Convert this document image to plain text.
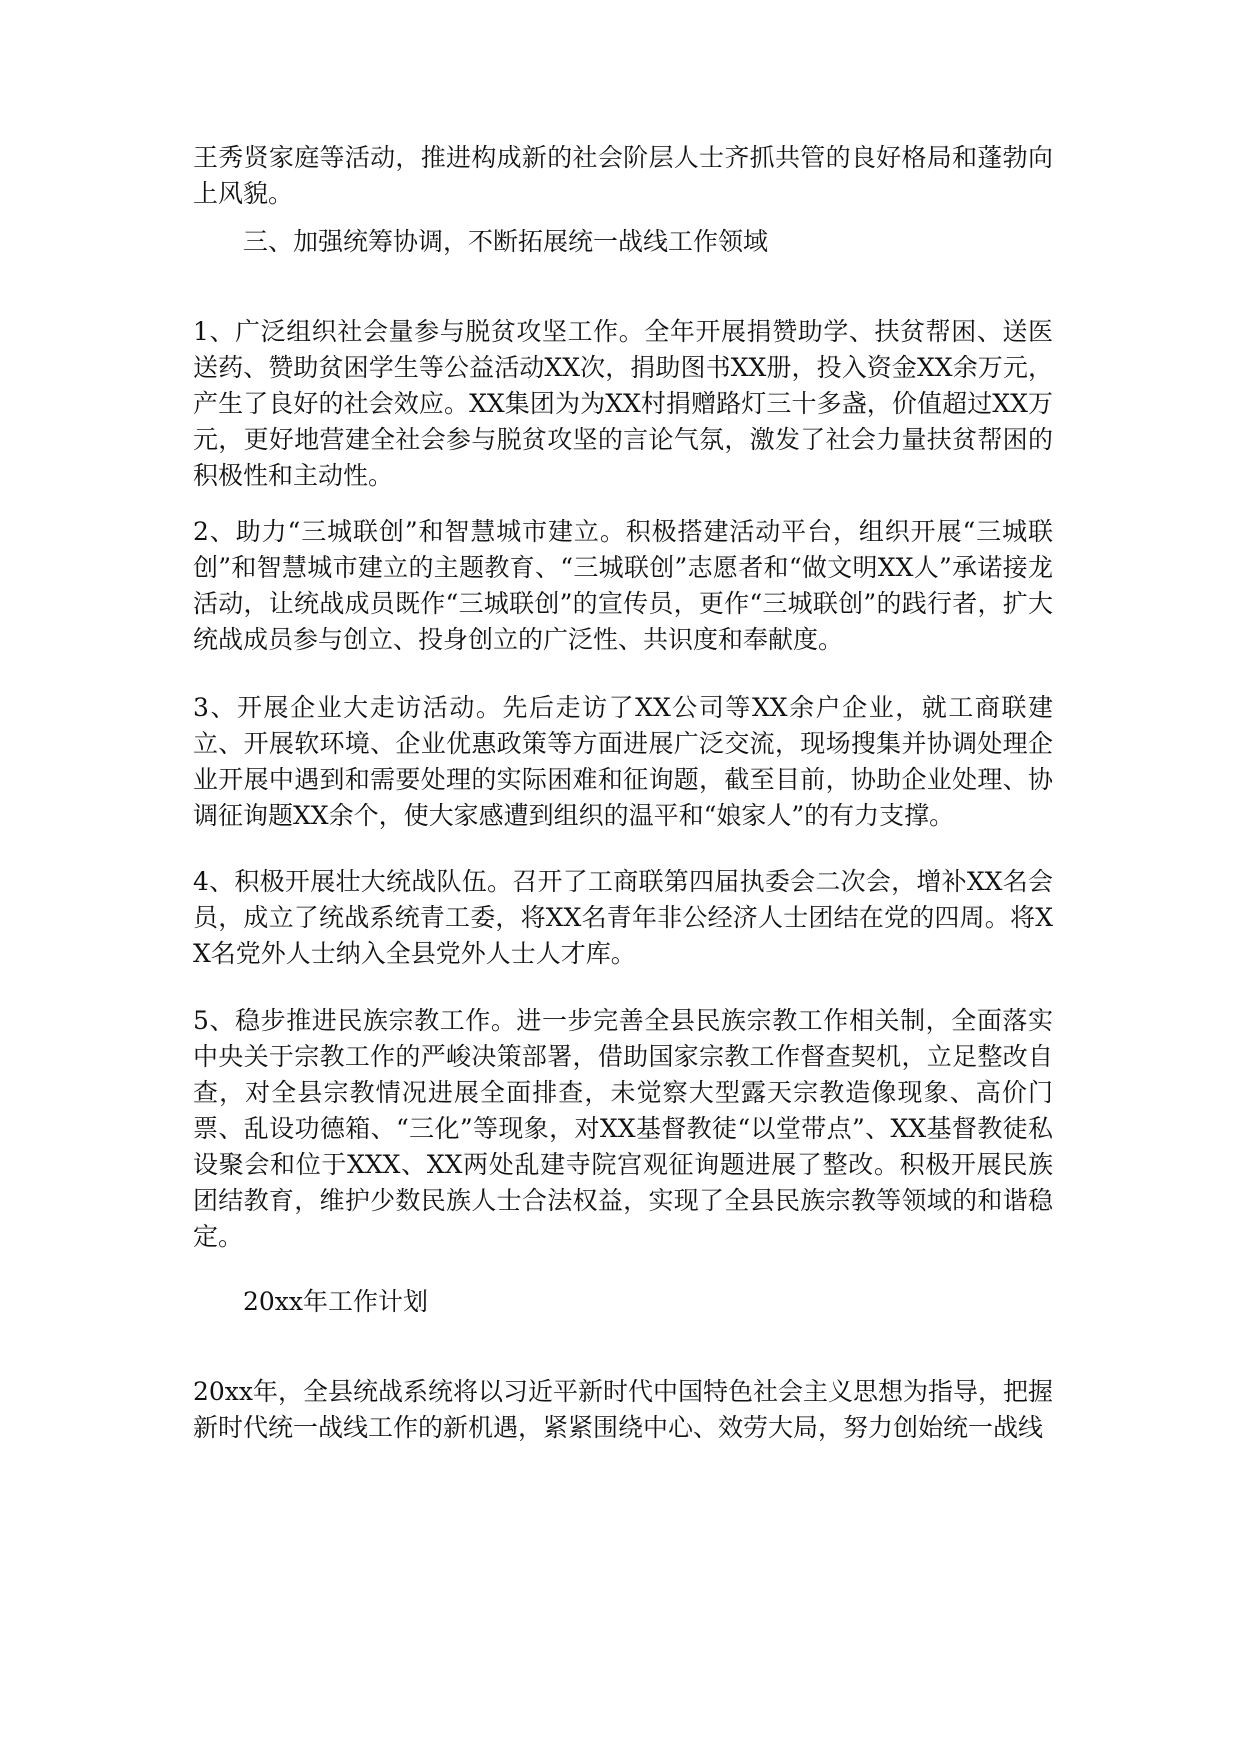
王秀贤家庭等活动，推进构成新的社会阶层人士齐抓共管的良好格局和蓬勃向上风貌。

三、加强统筹协调，不断拓展统一战线工作领域

1、广泛组织社会量参与脱贫攻坚工作。全年开展捐赞助学、扶贫帮困、送医送药、赞助贫困学生等公益活动XX次，捐助图书XX册，投入资金XX余万元，产生了良好的社会效应。XX集团为为XX村捐赠路灯三十多盏，价值超过XX万元，更好地营建全社会参与脱贫攻坚的言论气氛，激发了社会力量扶贫帮困的积极性和主动性。

2、助力“三城联创”和智慧城市建立。积极搭建活动平台，组织开展“三城联创”和智慧城市建立的主题教育、“三城联创”志愿者和“做文明XX人”承诺接龙活动，让统战成员既作“三城联创”的宣传员，更作“三城联创”的践行者，扩大统战成员参与创立、投身创立的广泛性、共识度和奉献度。

3、开展企业大走访活动。先后走访了XX公司等XX余户企业，就工商联建立、开展软环境、企业优惠政策等方面进展广泛交流，现场搜集并协调处理企业开展中遇到和需要处理的实际困难和征询题，截至目前，协助企业处理、协调征询题XX余个，使大家感遭到组织的温平和“娘家人”的有力支撑。

4、积极开展壮大统战队伍。召开了工商联第四届执委会二次会，增补XX名会员，成立了统战系统青工委，将XX名青年非公经济人士团结在党的四周。将XX名党外人士纳入全县党外人士人才库。

5、稳步推进民族宗教工作。进一步完善全县民族宗教工作相关制，全面落实中央关于宗教工作的严峻决策部署，借助国家宗教工作督查契机，立足整改自查，对全县宗教情况进展全面排查，未觉察大型露天宗教造像现象、高价门票、乱设功德箱、“三化”等现象，对XX基督教徒“以堂带点”、XX基督教徒私设聚会和位于XXX、XX两处乱建寺院宫观征询题进展了整改。积极开展民族团结教育，维护少数民族人士合法权益，实现了全县民族宗教等领域的和谐稳定。

20xx年工作计划

20xx年，全县统战系统将以习近平新时代中国特色社会主义思想为指导，把握新时代统一战线工作的新机遇，紧紧围绕中心、效劳大局，努力创始统一战线
